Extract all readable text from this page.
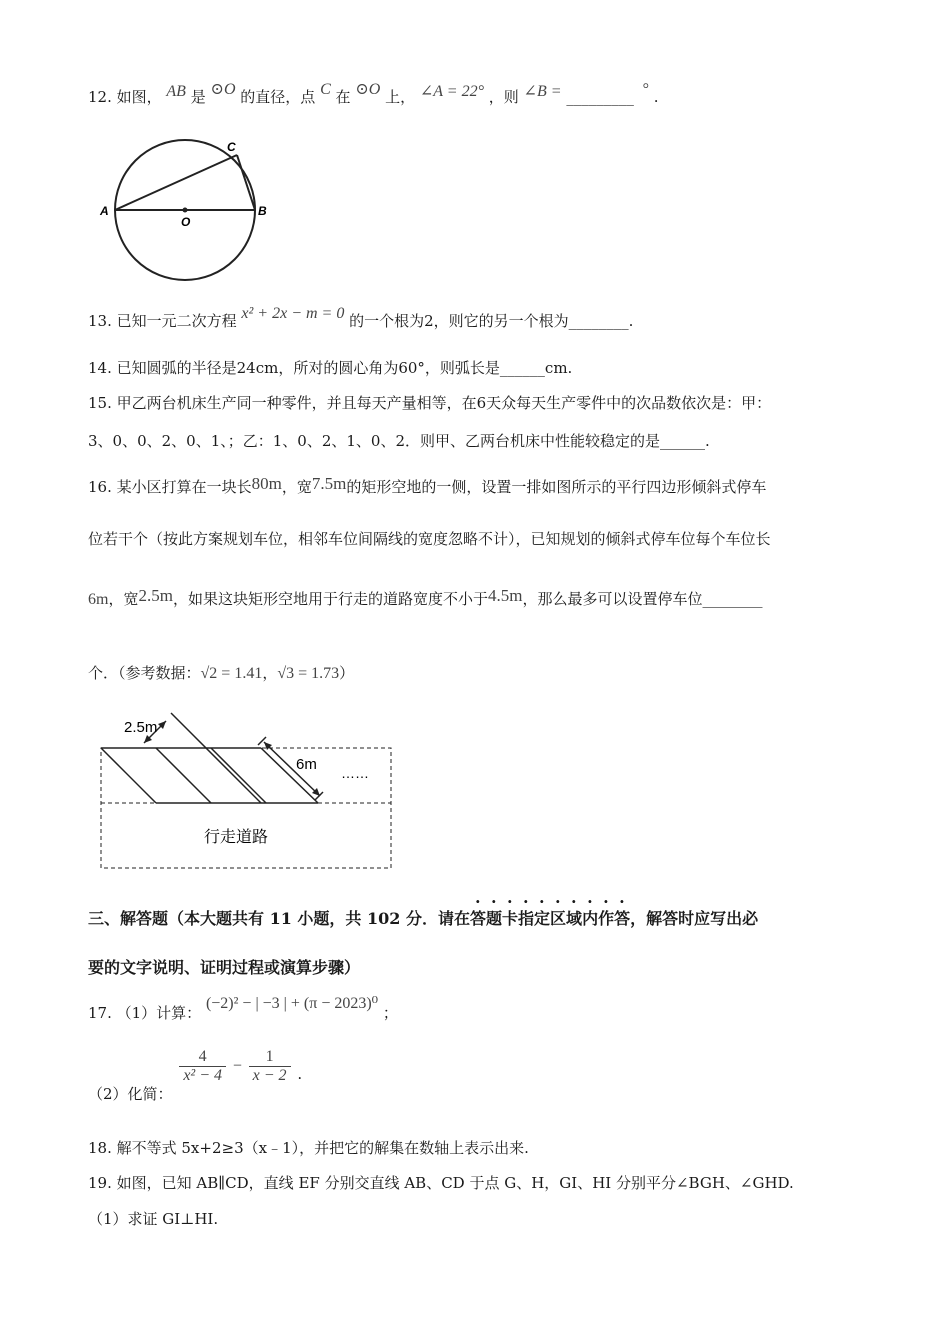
12. 如图， AB 是 ⊙O 的直径，点 C 在 ⊙O 上， ∠A = 22° ，则 ∠B = _________ ° .
A	B
C
O
13. 已知一元二次方程 x² + 2x − m = 0 的一个根为2，则它的另一个根为________.
14. 已知圆弧的半径是24cm，所对的圆心角为60°，则弧长是______cm.
15. 甲乙两台机床生产同一种零件，并且每天产量相等，在6天众每天生产零件中的次品数依次是：甲：
3、0、0、2、0、1、；乙：1、0、2、1、0、2．则甲、乙两台机床中性能较稳定的是______.
16. 某小区打算在一块长80m，宽7.5m的矩形空地的一侧，设置一排如图所示的平行四边形倾斜式停车
位若干个（按此方案规划车位，相邻车位间隔线的宽度忽略不计），已知规划的倾斜式停车位每个车位长
6m，宽2.5m，如果这块矩形空地用于行走的道路宽度不小于4.5m，那么最多可以设置停车位________
个．（参考数据：√2 = 1.41，√3 = 1.73）
2.5m
6m ……
行走道路
三、解答题（本大题共有 11 小题，共 102 分．请在答题卡指定区域内作答，解答时应写出必
要的文字说明、证明过程或演算步骤）
17. （1）计算： (−2)² − | −3 | + (π − 2023)⁰ ；
（2）化简：
$\frac{4}{\text{x² − 4}} - \frac{1}{x - 2}$ .
18. 解不等式 5x+2≥3（x﹣1），并把它的解集在数轴上表示出来.
19. 如图，已知 AB∥CD，直线 EF 分别交直线 AB、CD 于点 G、H，GI、HI 分别平分∠BGH、∠GHD.
（1）求证 GI⊥HI.
